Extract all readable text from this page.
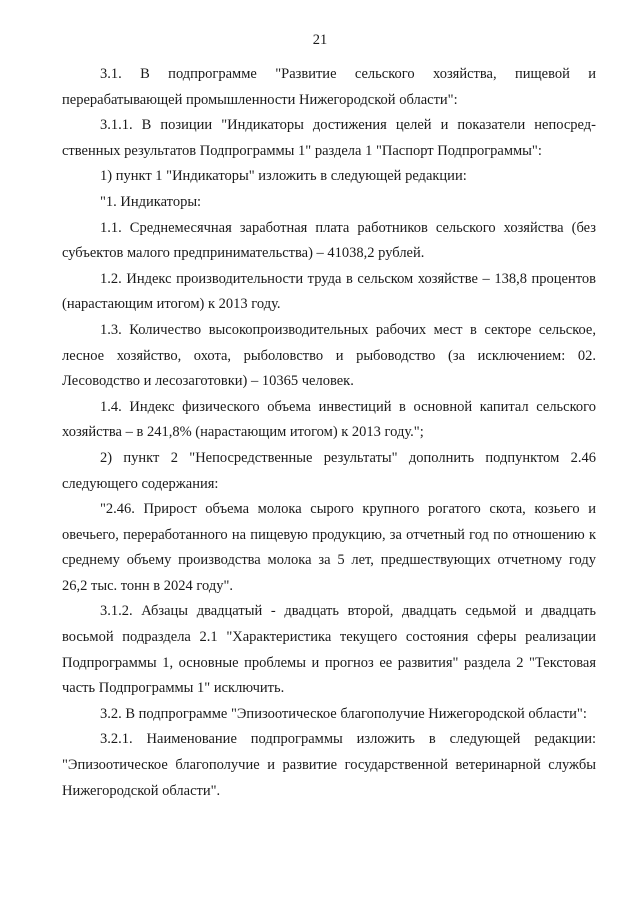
21

3.1. В подпрограмме "Развитие сельского хозяйства, пищевой и перерабатывающей промышленности Нижегородской области":

3.1.1. В позиции "Индикаторы достижения целей и показатели непосред-ственных результатов Подпрограммы 1" раздела 1 "Паспорт Подпрограммы":

1) пункт 1 "Индикаторы" изложить в следующей редакции:

"1. Индикаторы:

1.1. Среднемесячная заработная плата работников сельского хозяйства (без субъектов малого предпринимательства) – 41038,2 рублей.

1.2. Индекс производительности труда в сельском хозяйстве – 138,8 процентов (нарастающим итогом) к 2013 году.

1.3. Количество высокопроизводительных рабочих мест в секторе сельское, лесное хозяйство, охота, рыболовство и рыбоводство (за исключением: 02. Лесоводство и лесозаготовки) – 10365 человек.

1.4. Индекс физического объема инвестиций в основной капитал сельского хозяйства – в 241,8% (нарастающим итогом) к 2013 году.";

2) пункт 2 "Непосредственные результаты" дополнить подпунктом 2.46 следующего содержания:

"2.46. Прирост объема молока сырого крупного рогатого скота, козьего и овечьего, переработанного на пищевую продукцию, за отчетный год по отношению к среднему объему производства молока за 5 лет, предшествующих отчетному году 26,2 тыс. тонн в 2024 году".

3.1.2. Абзацы двадцатый - двадцать второй, двадцать седьмой и двадцать восьмой подраздела 2.1 "Характеристика текущего состояния сферы реализации Подпрограммы 1, основные проблемы и прогноз ее развития" раздела 2 "Текстовая часть Подпрограммы 1" исключить.

3.2. В подпрограмме "Эпизоотическое благополучие Нижегородской области":

3.2.1. Наименование подпрограммы изложить в следующей редакции: "Эпизоотическое благополучие и развитие государственной ветеринарной службы Нижегородской области".
